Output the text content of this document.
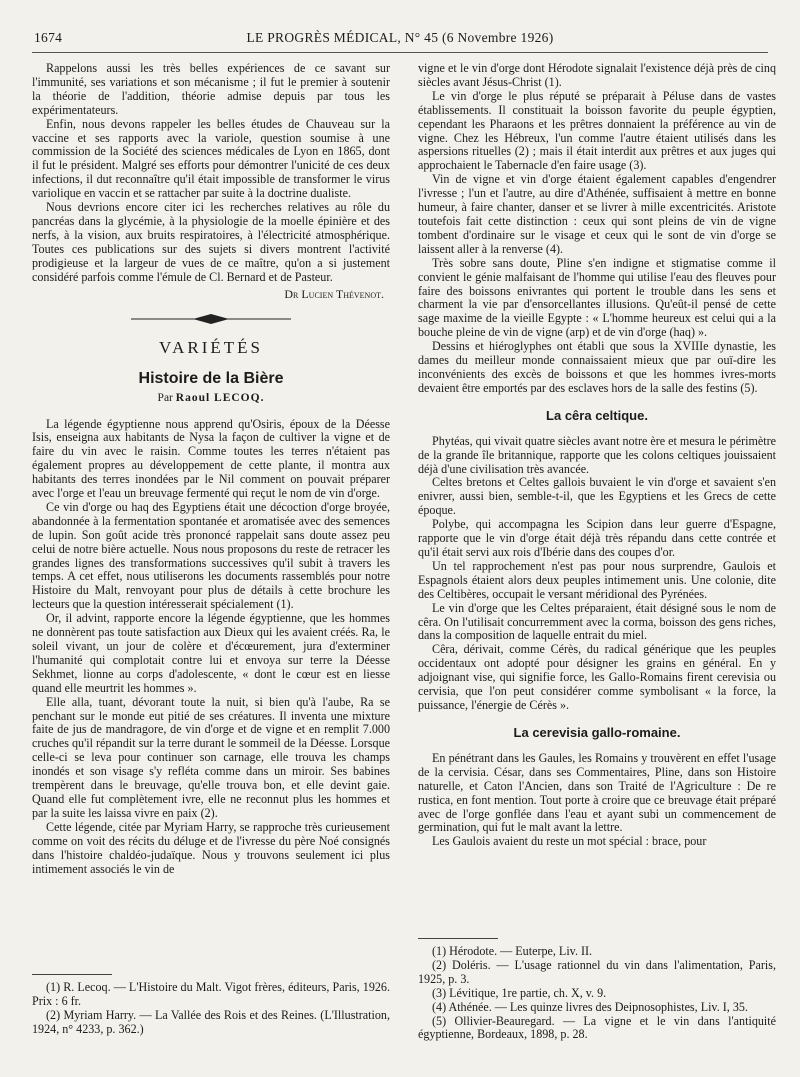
1674	LE PROGRÈS MÉDICAL, N° 45 (6 Novembre 1926)

Rappelons aussi les très belles expériences de ce savant sur l'immunité, ses variations et son mécanisme ; il fut le premier à soutenir la théorie de l'addition, théorie admise depuis par tous les expérimentateurs.

Enfin, nous devons rappeler les belles études de Chauveau sur la vaccine et ses rapports avec la variole, question soumise à une commission de la Société des sciences médicales de Lyon en 1865, dont il fut le président. Malgré ses efforts pour démontrer l'unicité de ces deux infections, il dut reconnaître qu'il était impossible de transformer le virus variolique en vaccin et se rattacher par suite à la doctrine dualiste.

Nous devrions encore citer ici les recherches relatives au rôle du pancréas dans la glycémie, à la physiologie de la moelle épinière et des nerfs, à la vision, aux bruits respiratoires, à l'électricité atmosphérique. Toutes ces publications sur des sujets si divers montrent l'activité prodigieuse et la largeur de vues de ce maître, qu'on a si justement considéré parfois comme l'émule de Cl. Bernard et de Pasteur.

Dr Lucien Thévenot.
VARIÉTÉS
Histoire de la Bière
Par Raoul LECOQ.

La légende égyptienne nous apprend qu'Osiris, époux de la Déesse Isis, enseigna aux habitants de Nysa la façon de cultiver la vigne et de faire du vin avec le raisin. Comme toutes les terres n'étaient pas également propres au développement de cette plante, il montra aux habitants des terres inondées par le Nil comment on pouvait préparer avec l'orge et l'eau un breuvage fermenté qui reçut le nom de vin d'orge.

Ce vin d'orge ou haq des Egyptiens était une décoction d'orge broyée, abandonnée à la fermentation spontanée et aromatisée avec des semences de lupin. Son goût acide très prononcé rappelait sans doute assez peu celui de notre bière actuelle. Nous nous proposons du reste de retracer les grandes lignes des transformations successives qu'il subit à travers les temps. A cet effet, nous utiliserons les documents rassemblés pour notre Histoire du Malt, renvoyant pour plus de détails à cette brochure les lecteurs que la question intéresserait spécialement (1).

Or, il advint, rapporte encore la légende égyptienne, que les hommes ne donnèrent pas toute satisfaction aux Dieux qui les avaient créés. Ra, le soleil vivant, un jour de colère et d'écœurement, jura d'exterminer l'humanité qui complotait contre lui et envoya sur terre la Déesse Sekhmet, lionne au corps d'adolescente, « dont le cœur est en liesse quand elle meurtrit les hommes ».

Elle alla, tuant, dévorant toute la nuit, si bien qu'à l'aube, Ra se penchant sur le monde eut pitié de ses créatures. Il inventa une mixture faite de jus de mandragore, de vin d'orge et de vigne et en remplit 7.000 cruches qu'il répandit sur la terre durant le sommeil de la Déesse. Lorsque celle-ci se leva pour continuer son carnage, elle trouva les champs inondés et son visage s'y refléta comme dans un miroir. Ses babines trempèrent dans le breuvage, qu'elle trouva bon, et elle devint gaie. Quand elle fut complètement ivre, elle ne reconnut plus les hommes et par la suite les laissa vivre en paix (2).

Cette légende, citée par Myriam Harry, se rapproche très curieusement comme on voit des récits du déluge et de l'ivresse du père Noé consignés dans l'histoire chaldéo-judaïque. Nous y trouvons seulement ici plus intimement associés le vin de

(1) R. Lecoq. — L'Histoire du Malt. Vigot frères, éditeurs, Paris, 1926. Prix : 6 fr.

(2) Myriam Harry. — La Vallée des Rois et des Reines. (L'Illustration, 1924, n° 4233, p. 362.)

vigne et le vin d'orge dont Hérodote signalait l'existence déjà près de cinq siècles avant Jésus-Christ (1).

Le vin d'orge le plus réputé se préparait à Péluse dans de vastes établissements. Il constituait la boisson favorite du peuple égyptien, cependant les Pharaons et les prêtres donnaient la préférence au vin de vigne. Chez les Hébreux, l'un comme l'autre étaient utilisés dans les aspersions rituelles (2) ; mais il était interdit aux prêtres et aux juges qui approchaient le Tabernacle d'en faire usage (3).

Vin de vigne et vin d'orge étaient également capables d'engendrer l'ivresse ; l'un et l'autre, au dire d'Athénée, suffisaient à mettre en bonne humeur, à faire chanter, danser et se livrer à mille excentricités. Aristote toutefois fait cette distinction : ceux qui sont pleins de vin de vigne tombent d'ordinaire sur le visage et ceux qui le sont de vin d'orge se laissent aller à la renverse (4).

Très sobre sans doute, Pline s'en indigne et stigmatise comme il convient le génie malfaisant de l'homme qui utilise l'eau des fleuves pour faire des boissons enivrantes qui portent le trouble dans les sens et charment la vie par d'ensorcellantes illusions. Qu'eût-il pensé de cette sage maxime de la vieille Egypte : « L'homme heureux est celui qui a la bouche pleine de vin de vigne (arp) et de vin d'orge (haq) ».

Dessins et hiéroglyphes ont établi que sous la XVIIIe dynastie, les dames du meilleur monde connaissaient mieux que par ouï-dire les inconvénients des excès de boissons et que les hommes ivres-morts devaient être emportés par des esclaves hors de la salle des festins (5).

La cêra celtique.

Phytéas, qui vivait quatre siècles avant notre ère et mesura le périmètre de la grande île britannique, rapporte que les colons celtiques jouissaient déjà d'une civilisation très avancée.

Celtes bretons et Celtes gallois buvaient le vin d'orge et savaient s'en enivrer, aussi bien, semble-t-il, que les Egyptiens et les Grecs de cette époque.

Polybe, qui accompagna les Scipion dans leur guerre d'Espagne, rapporte que le vin d'orge était déjà très répandu dans cette contrée et qu'il était servi aux rois d'Ibérie dans des coupes d'or.

Un tel rapprochement n'est pas pour nous surprendre, Gaulois et Espagnols étaient alors deux peuples intimement unis. Une colonie, dite des Celtibères, occupait le versant méridional des Pyrénées.

Le vin d'orge que les Celtes préparaient, était désigné sous le nom de cêra. On l'utilisait concurremment avec la corma, boisson des gens riches, dans la composition de laquelle entrait du miel.

Cêra, dérivait, comme Cérès, du radical générique que les peuples occidentaux ont adopté pour désigner les grains en général. En y adjoignant vise, qui signifie force, les Gallo-Romains firent cerevisia ou cervisia, que l'on peut considérer comme symbolisant « la force, la puissance, l'énergie de Cérès ».

La cerevisia gallo-romaine.

En pénétrant dans les Gaules, les Romains y trouvèrent en effet l'usage de la cervisia. César, dans ses Commentaires, Pline, dans son Histoire naturelle, et Caton l'Ancien, dans son Traité de l'Agriculture : De re rustica, en font mention. Tout porte à croire que ce breuvage était préparé avec de l'orge gonflée dans l'eau et ayant subi un commencement de germination, qui fut le malt avant la lettre.

Les Gaulois avaient du reste un mot spécial : brace, pour

(1) Hérodote. — Euterpe, Liv. II.

(2) Doléris. — L'usage rationnel du vin dans l'alimentation, Paris, 1925, p. 3.

(3) Lévitique, 1re partie, ch. X, v. 9.

(4) Athénée. — Les quinze livres des Deipnosophistes, Liv. I, 35.

(5) Ollivier-Beauregard. — La vigne et le vin dans l'antiquité égyptienne, Bordeaux, 1898, p. 28.
